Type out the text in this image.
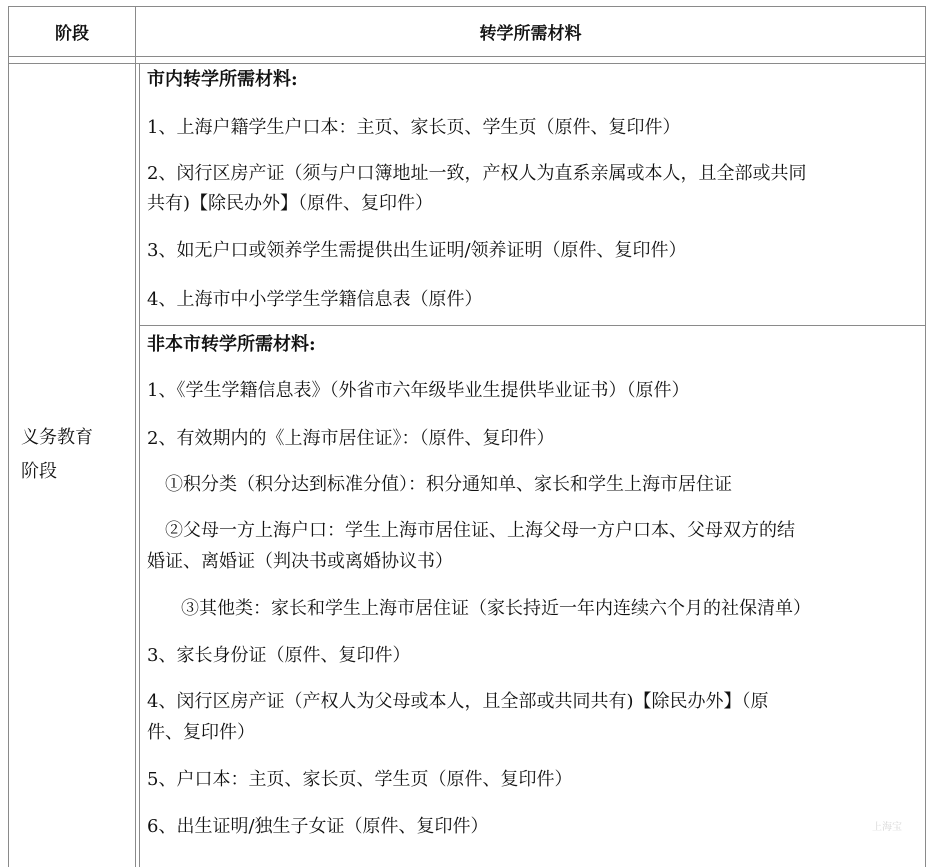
阶段	转学所需材料
义务教育
阶段
市内转学所需材料:
1、上海户籍学生户口本：主页、家长页、学生页（原件、复印件）
2、闵行区房产证（须与户口簿地址一致，产权人为直系亲属或本人，且全部或共同
共有)【除民办外】（原件、复印件）
3、如无户口或领养学生需提供出生证明/领养证明（原件、复印件）
4、上海市中小学学生学籍信息表（原件）
非本市转学所需材料:
1、《学生学籍信息表》（外省市六年级毕业生提供毕业证书）（原件）
2、有效期内的《上海市居住证》：（原件、复印件）
①积分类（积分达到标准分值）：积分通知单、家长和学生上海市居住证
②父母一方上海户口：学生上海市居住证、上海父母一方户口本、父母双方的结
婚证、离婚证（判决书或离婚协议书）
③其他类：家长和学生上海市居住证（家长持近一年内连续六个月的社保清单）
3、家长身份证（原件、复印件）
4、闵行区房产证（产权人为父母或本人，且全部或共同共有)【除民办外】（原
件、复印件）
5、户口本：主页、家长页、学生页（原件、复印件）
6、出生证明/独生子女证（原件、复印件）	上海宝
